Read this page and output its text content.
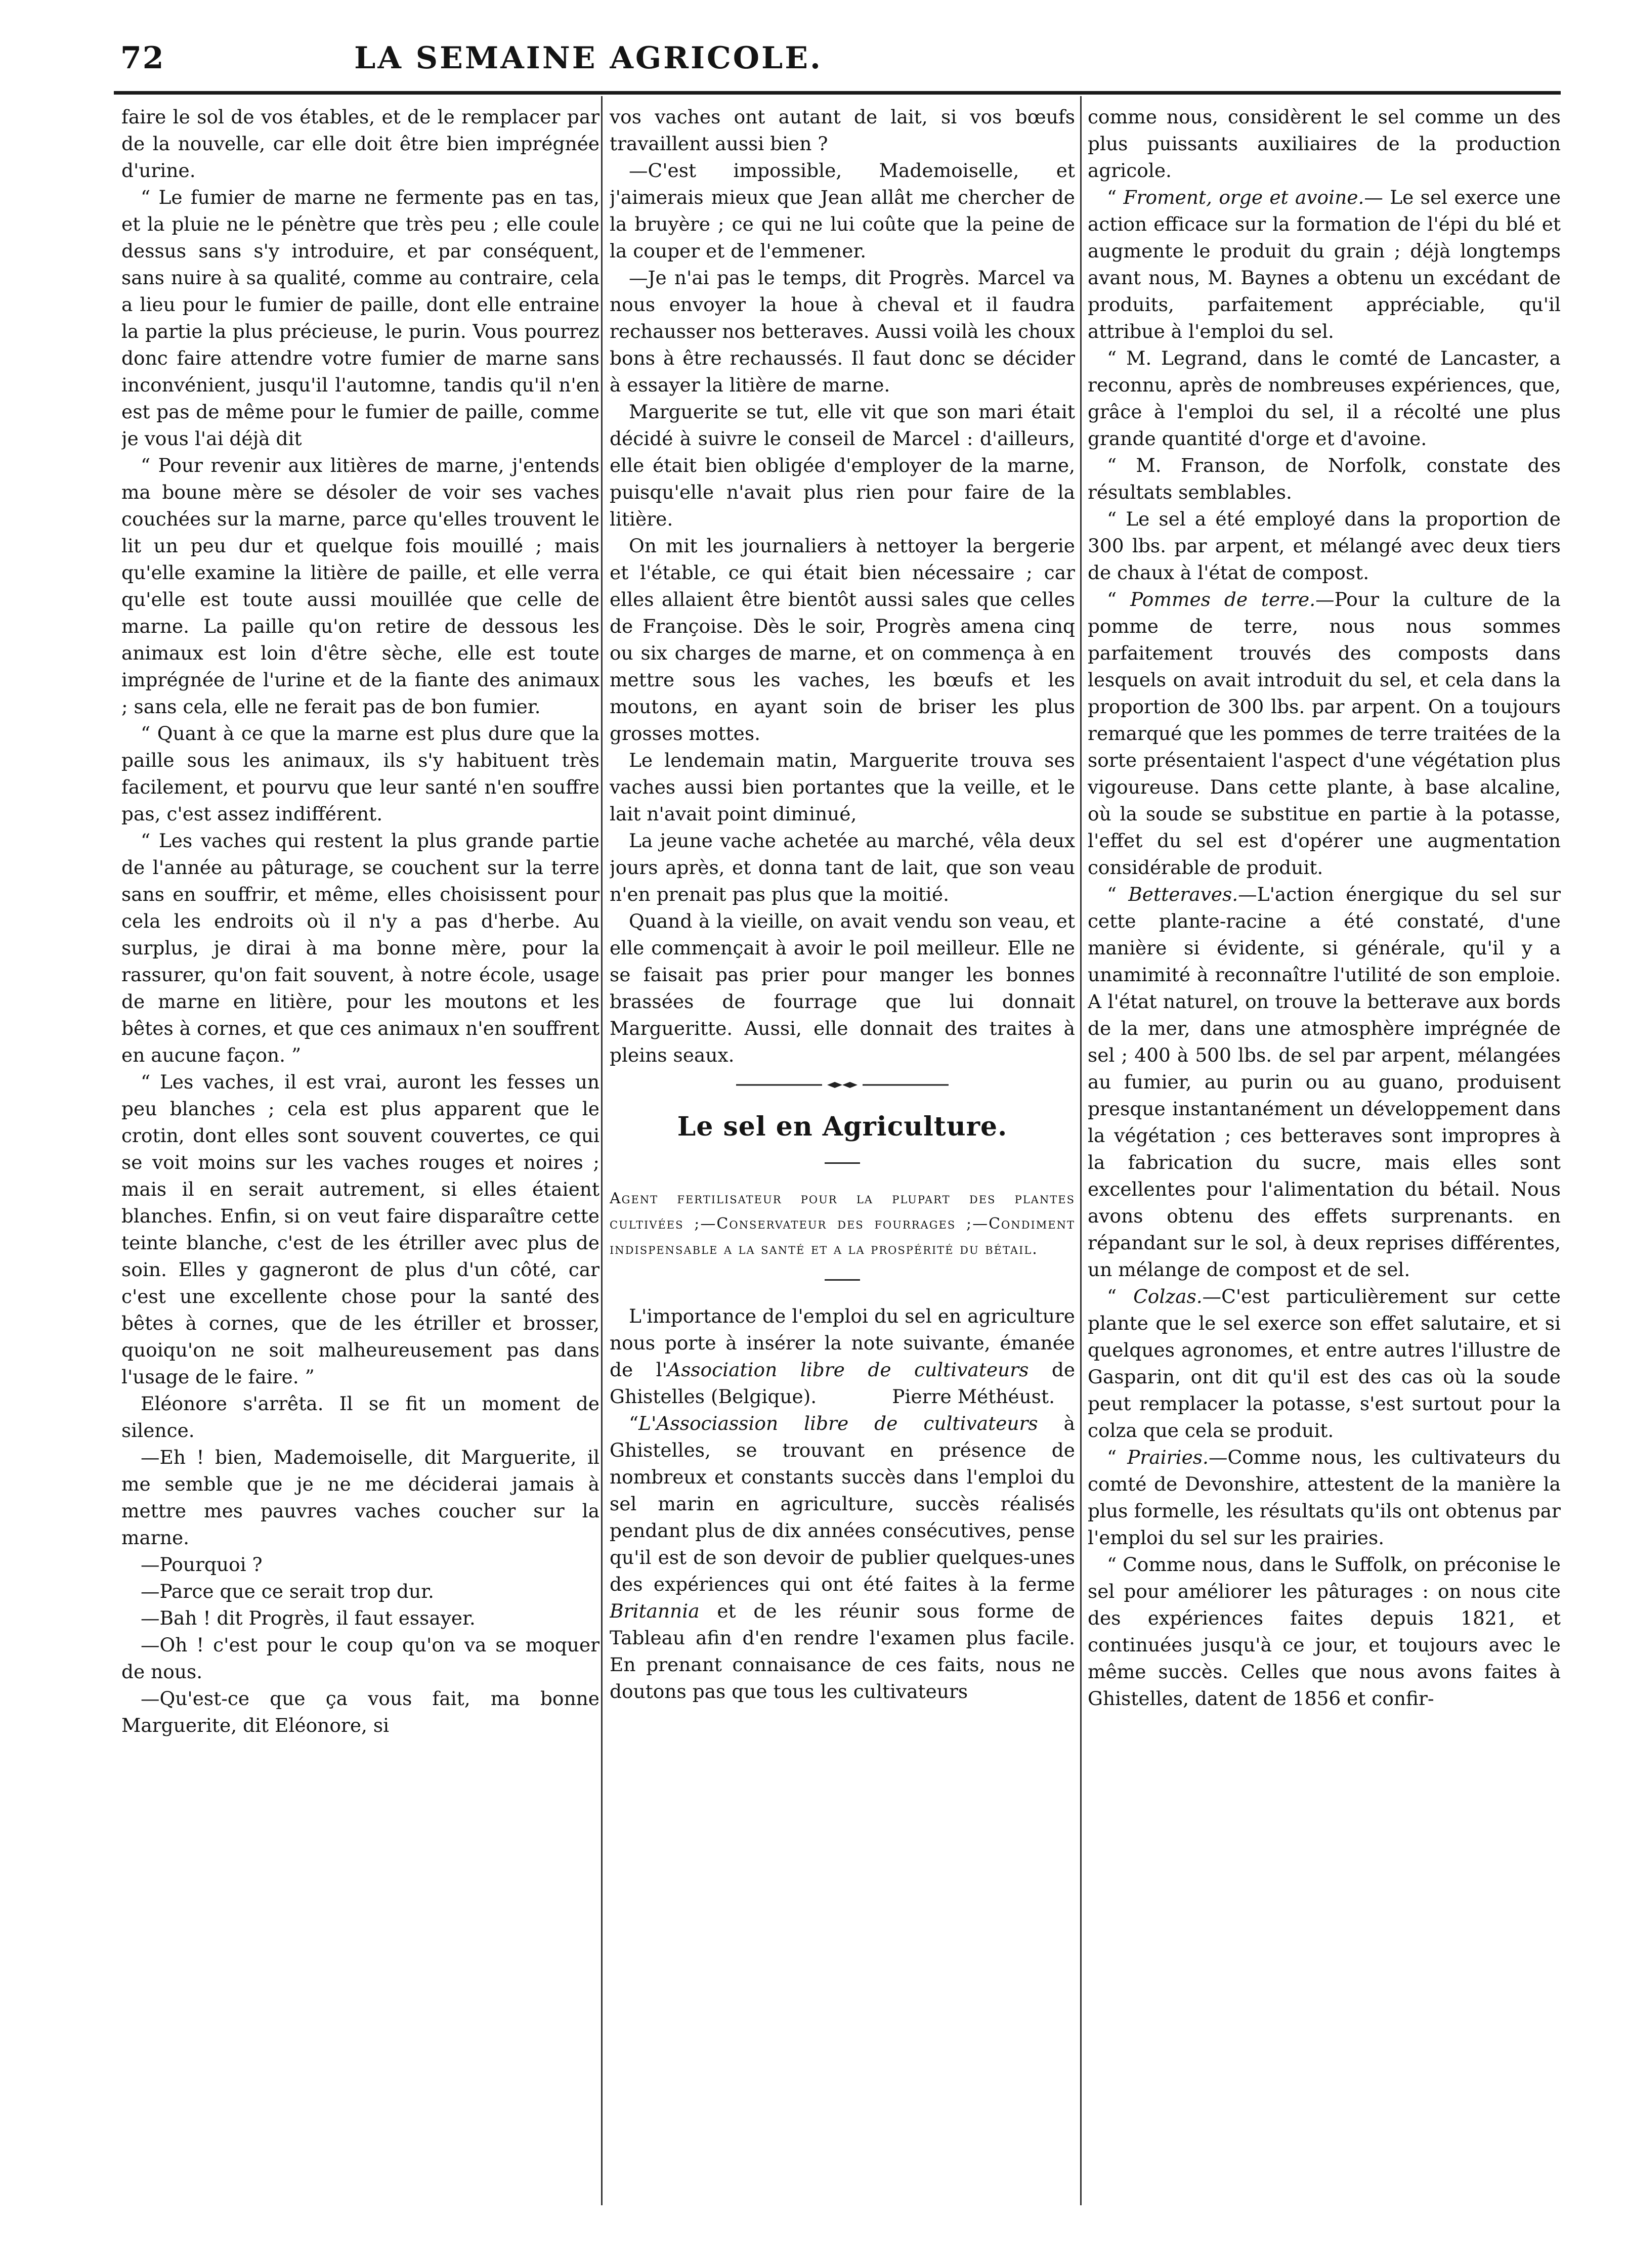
72	LA SEMAINE AGRICOLE.

faire le sol de vos étables, et de le remplacer par de la nouvelle, car elle doit être bien imprégnée d'urine.

“ Le fumier de marne ne fermente pas en tas, et la pluie ne le pénètre que très peu ; elle coule dessus sans s'y introduire, et par conséquent, sans nuire à sa qualité, comme au contraire, cela a lieu pour le fumier de paille, dont elle entraine la partie la plus précieuse, le purin. Vous pourrez donc faire attendre votre fumier de marne sans inconvénient, jusqu'il l'automne, tandis qu'il n'en est pas de même pour le fumier de paille, comme je vous l'ai déjà dit

“ Pour revenir aux litières de marne, j'entends ma boune mère se désoler de voir ses vaches couchées sur la marne, parce qu'elles trouvent le lit un peu dur et quelque fois mouillé ; mais qu'elle examine la litière de paille, et elle verra qu'elle est toute aussi mouillée que celle de marne. La paille qu'on retire de dessous les animaux est loin d'être sèche, elle est toute imprégnée de l'urine et de la fiante des animaux ; sans cela, elle ne ferait pas de bon fumier.

“ Quant à ce que la marne est plus dure que la paille sous les animaux, ils s'y habituent très facilement, et pourvu que leur santé n'en souffre pas, c'est assez indifférent.

“ Les vaches qui restent la plus grande partie de l'année au pâturage, se couchent sur la terre sans en souffrir, et même, elles choisissent pour cela les endroits où il n'y a pas d'herbe. Au surplus, je dirai à ma bonne mère, pour la rassurer, qu'on fait souvent, à notre école, usage de marne en litière, pour les moutons et les bêtes à cornes, et que ces animaux n'en souffrent en aucune façon. ”

“ Les vaches, il est vrai, auront les fesses un peu blanches ; cela est plus apparent que le crotin, dont elles sont souvent couvertes, ce qui se voit moins sur les vaches rouges et noires ; mais il en serait autrement, si elles étaient blanches. Enfin, si on veut faire disparaître cette teinte blanche, c'est de les étriller avec plus de soin. Elles y gagneront de plus d'un côté, car c'est une excellente chose pour la santé des bêtes à cornes, que de les étriller et brosser, quoiqu'on ne soit malheureusement pas dans l'usage de le faire. ”

Eléonore s'arrêta. Il se fit un moment de silence.

—Eh ! bien, Mademoiselle, dit Marguerite, il me semble que je ne me déciderai jamais à mettre mes pauvres vaches coucher sur la marne.

—Pourquoi ?

—Parce que ce serait trop dur.

—Bah ! dit Progrès, il faut essayer.

—Oh ! c'est pour le coup qu'on va se moquer de nous.

—Qu'est-ce que ça vous fait, ma bonne Marguerite, dit Eléonore, si

vos vaches ont autant de lait, si vos bœufs travaillent aussi bien ?

—C'est impossible, Mademoiselle, et j'aimerais mieux que Jean allât me chercher de la bruyère ; ce qui ne lui coûte que la peine de la couper et de l'emmener.

—Je n'ai pas le temps, dit Progrès. Marcel va nous envoyer la houe à cheval et il faudra rechausser nos betteraves. Aussi voilà les choux bons à être rechaussés. Il faut donc se décider à essayer la litière de marne.

Marguerite se tut, elle vit que son mari était décidé à suivre le conseil de Marcel : d'ailleurs, elle était bien obligée d'employer de la marne, puisqu'elle n'avait plus rien pour faire de la litière.

On mit les journaliers à nettoyer la bergerie et l'étable, ce qui était bien nécessaire ; car elles allaient être bientôt aussi sales que celles de Françoise. Dès le soir, Progrès amena cinq ou six charges de marne, et on commença à en mettre sous les vaches, les bœufs et les moutons, en ayant soin de briser les plus grosses mottes.

Le lendemain matin, Marguerite trouva ses vaches aussi bien portantes que la veille, et le lait n'avait point diminué,

La jeune vache achetée au marché, vêla deux jours après, et donna tant de lait, que son veau n'en prenait pas plus que la moitié.

Quand à la vieille, on avait vendu son veau, et elle commençait à avoir le poil meilleur. Elle ne se faisait pas prier pour manger les bonnes brassées de fourrage que lui donnait Margueritte. Aussi, elle donnait des traites à pleins seaux.

Le sel en Agriculture.
Agent fertilisateur pour la plupart des plantes cultivées ;—Conservateur des fourrages ;—Condiment indispensable a la santé et a la prospérité du bétail.

L'importance de l'emploi du sel en agriculture nous porte à insérer la note suivante, émanée de l'Association libre de cultivateurs de Ghistelles (Belgique).	Pierre Méthéust.

“L'Associassion libre de cultivateurs à Ghistelles, se trouvant en présence de nombreux et constants succès dans l'emploi du sel marin en agriculture, succès réalisés pendant plus de dix années consécutives, pense qu'il est de son devoir de publier quelques-unes des expériences qui ont été faites à la ferme Britannia et de les réunir sous forme de Tableau afin d'en rendre l'examen plus facile. En prenant connaisance de ces faits, nous ne doutons pas que tous les cultivateurs

comme nous, considèrent le sel comme un des plus puissants auxiliaires de la production agricole.

“ Froment, orge et avoine.— Le sel exerce une action efficace sur la formation de l'épi du blé et augmente le produit du grain ; déjà longtemps avant nous, M. Baynes a obtenu un excédant de produits, parfaitement appréciable, qu'il attribue à l'emploi du sel.

“ M. Legrand, dans le comté de Lancaster, a reconnu, après de nombreuses expériences, que, grâce à l'emploi du sel, il a récolté une plus grande quantité d'orge et d'avoine.

“ M. Franson, de Norfolk, constate des résultats semblables.

“ Le sel a été employé dans la proportion de 300 lbs. par arpent, et mélangé avec deux tiers de chaux à l'état de compost.

“ Pommes de terre.—Pour la culture de la pomme de terre, nous nous sommes parfaitement trouvés des composts dans lesquels on avait introduit du sel, et cela dans la proportion de 300 lbs. par arpent. On a toujours remarqué que les pommes de terre traitées de la sorte présentaient l'aspect d'une végétation plus vigoureuse. Dans cette plante, à base alcaline, où la soude se substitue en partie à la potasse, l'effet du sel est d'opérer une augmentation considérable de produit.

“ Betteraves.—L'action énergique du sel sur cette plante-racine a été constaté, d'une manière si évidente, si générale, qu'il y a unamimité à reconnaître l'utilité de son emploie. A l'état naturel, on trouve la betterave aux bords de la mer, dans une atmosphère imprégnée de sel ; 400 à 500 lbs. de sel par arpent, mélangées au fumier, au purin ou au guano, produisent presque instantanément un développement dans la végétation ; ces betteraves sont impropres à la fabrication du sucre, mais elles sont excellentes pour l'alimentation du bétail. Nous avons obtenu des effets surprenants. en répandant sur le sol, à deux reprises différentes, un mélange de compost et de sel.

“ Colzas.—C'est particulièrement sur cette plante que le sel exerce son effet salutaire, et si quelques agronomes, et entre autres l'illustre de Gasparin, ont dit qu'il est des cas où la soude peut remplacer la potasse, s'est surtout pour la colza que cela se produit.

“ Prairies.—Comme nous, les cultivateurs du comté de Devonshire, attestent de la manière la plus formelle, les résultats qu'ils ont obtenus par l'emploi du sel sur les prairies.

“ Comme nous, dans le Suffolk, on préconise le sel pour améliorer les pâturages : on nous cite des expériences faites depuis 1821, et continuées jusqu'à ce jour, et toujours avec le même succès. Celles que nous avons faites à Ghistelles, datent de 1856 et confir-
